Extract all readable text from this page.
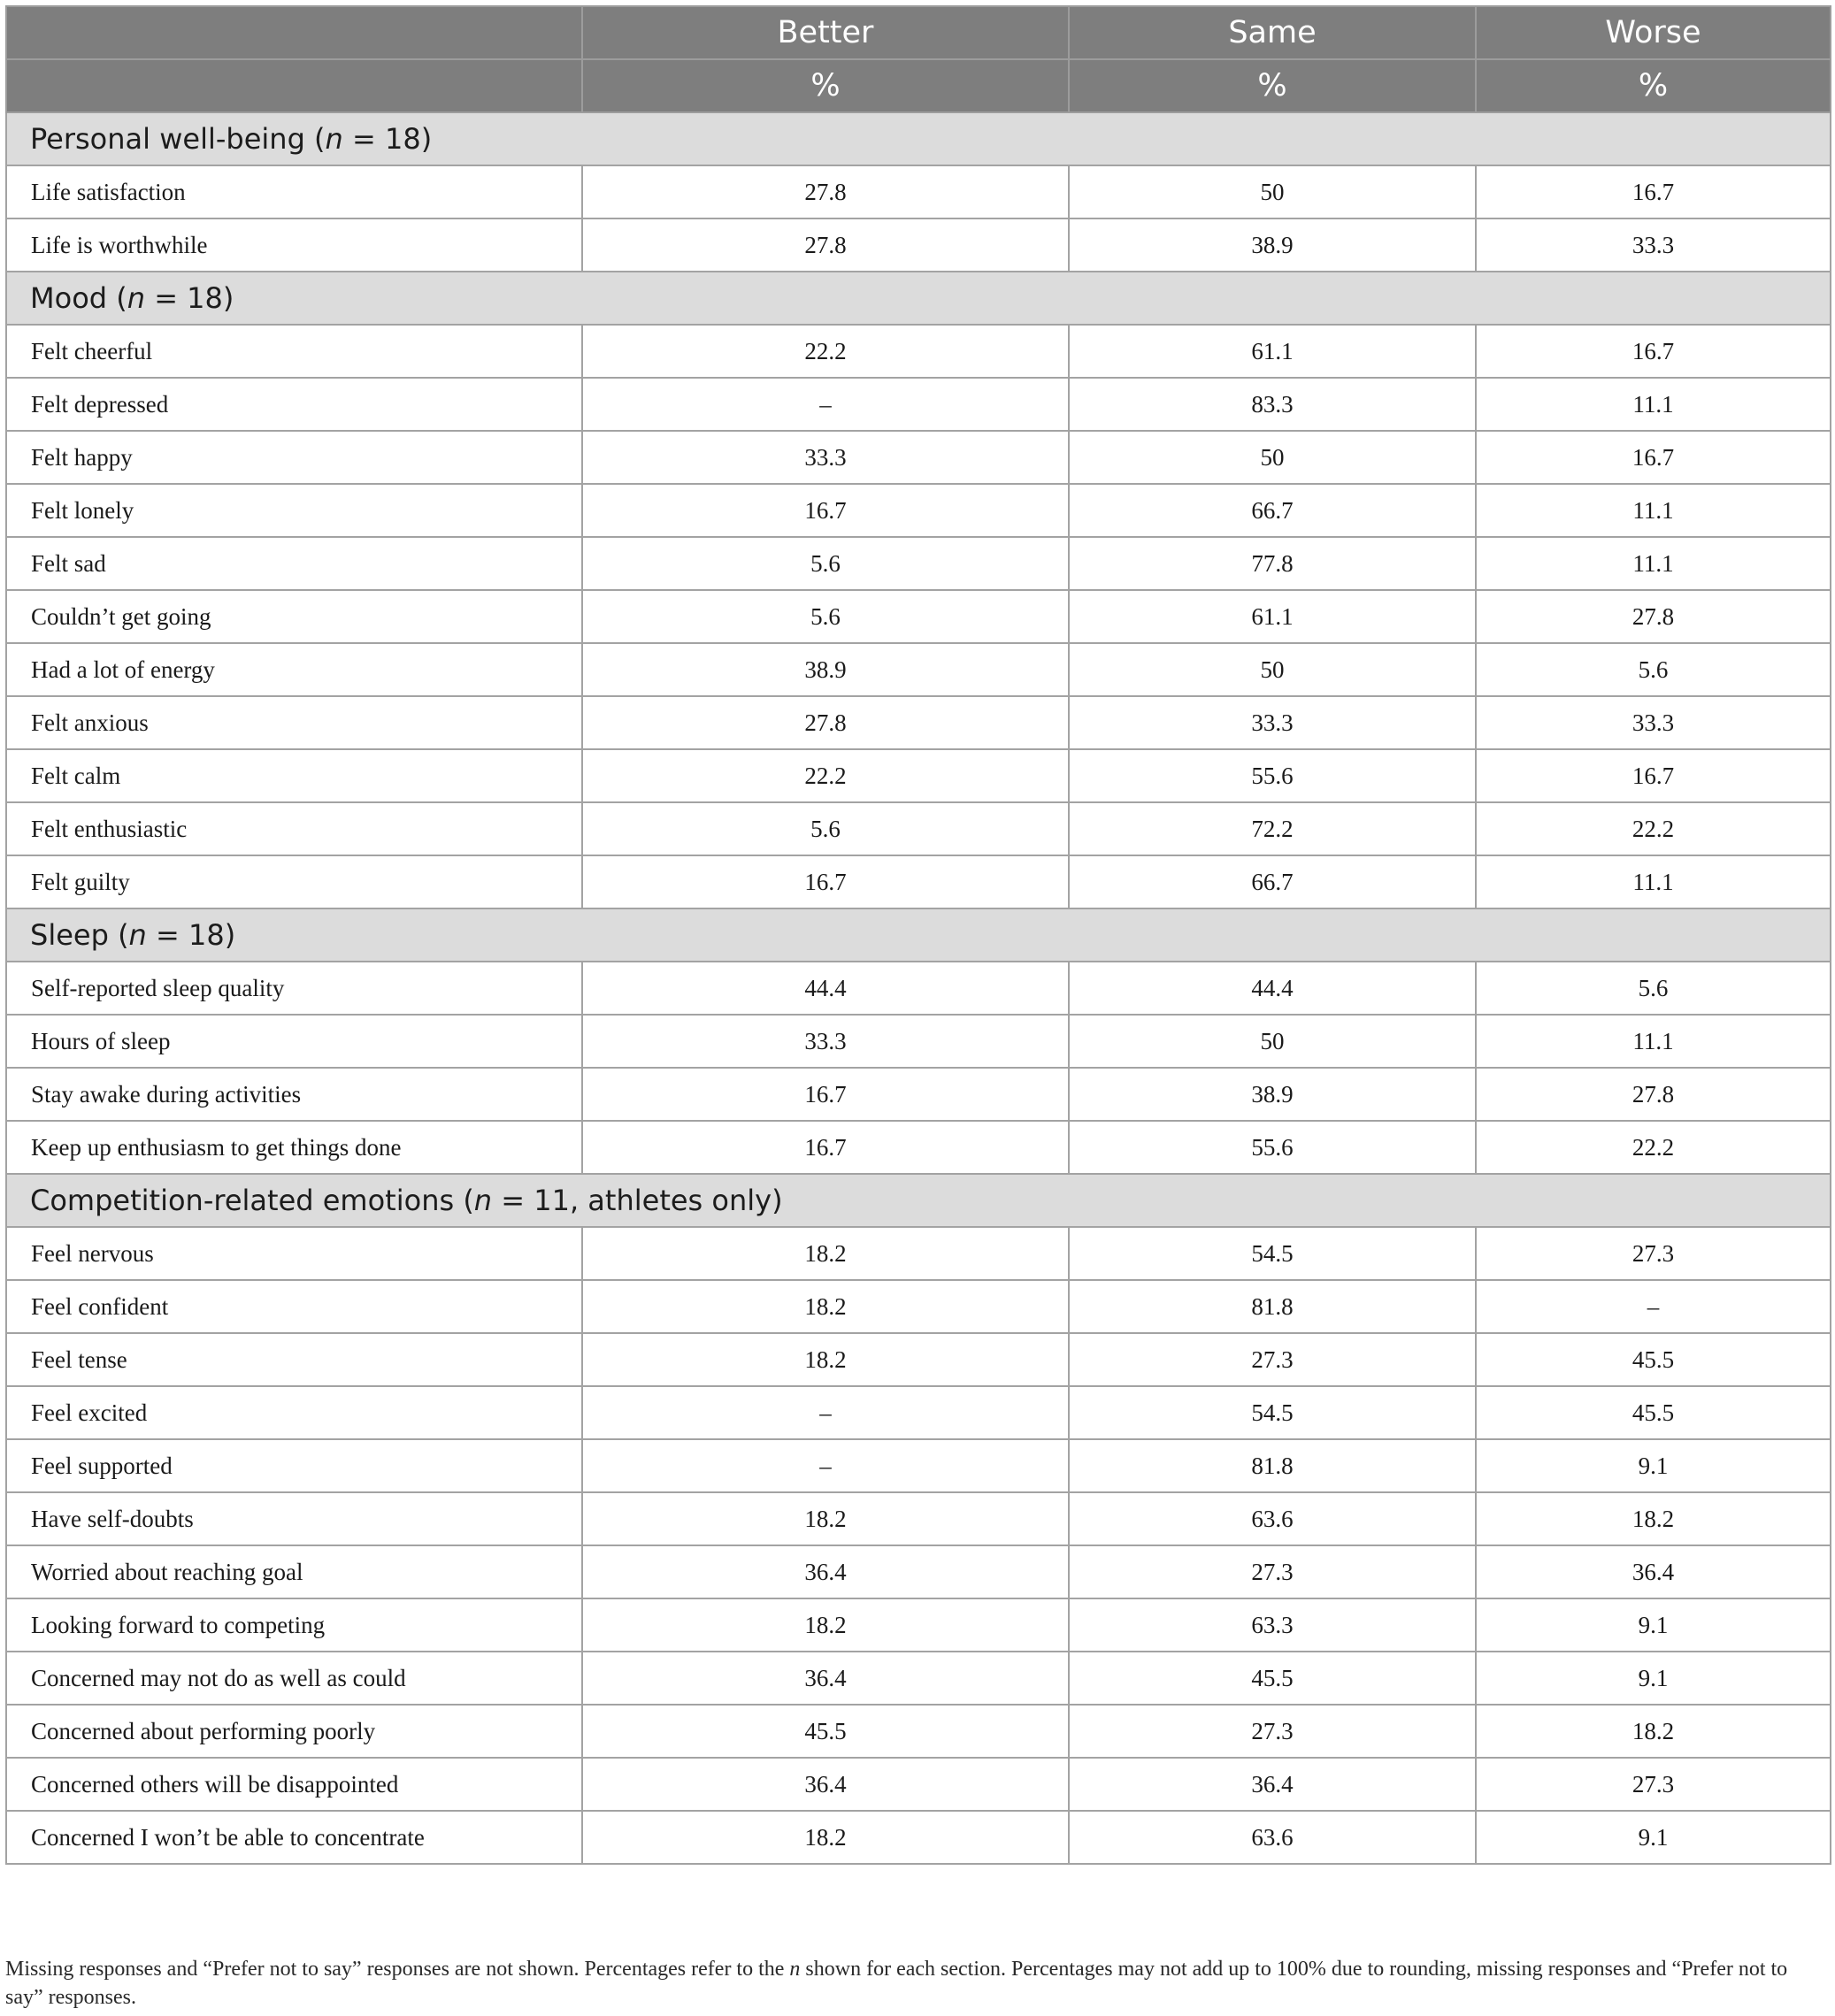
	Better	Same	Worse
	%	%	%
Personal well-being (n = 18)			
Life satisfaction	27.8	50	16.7
Life is worthwhile	27.8	38.9	33.3
Mood (n = 18)			
Felt cheerful	22.2	61.1	16.7
Felt depressed	–	83.3	11.1
Felt happy	33.3	50	16.7
Felt lonely	16.7	66.7	11.1
Felt sad	5.6	77.8	11.1
Couldn’t get going	5.6	61.1	27.8
Had a lot of energy	38.9	50	5.6
Felt anxious	27.8	33.3	33.3
Felt calm	22.2	55.6	16.7
Felt enthusiastic	5.6	72.2	22.2
Felt guilty	16.7	66.7	11.1
Sleep (n = 18)			
Self-reported sleep quality	44.4	44.4	5.6
Hours of sleep	33.3	50	11.1
Stay awake during activities	16.7	38.9	27.8
Keep up enthusiasm to get things done	16.7	55.6	22.2
Competition-related emotions (n = 11, athletes only)			
Feel nervous	18.2	54.5	27.3
Feel confident	18.2	81.8	–
Feel tense	18.2	27.3	45.5
Feel excited	–	54.5	45.5
Feel supported	–	81.8	9.1
Have self-doubts	18.2	63.6	18.2
Worried about reaching goal	36.4	27.3	36.4
Looking forward to competing	18.2	63.3	9.1
Concerned may not do as well as could	36.4	45.5	9.1
Concerned about performing poorly	45.5	27.3	18.2
Concerned others will be disappointed	36.4	36.4	27.3
Concerned I won’t be able to concentrate	18.2	63.6	9.1
Missing responses and “Prefer not to say” responses are not shown. Percentages refer to the n shown for each section. Percentages may not add up to 100% due to rounding, missing responses and “Prefer not to say” responses.
